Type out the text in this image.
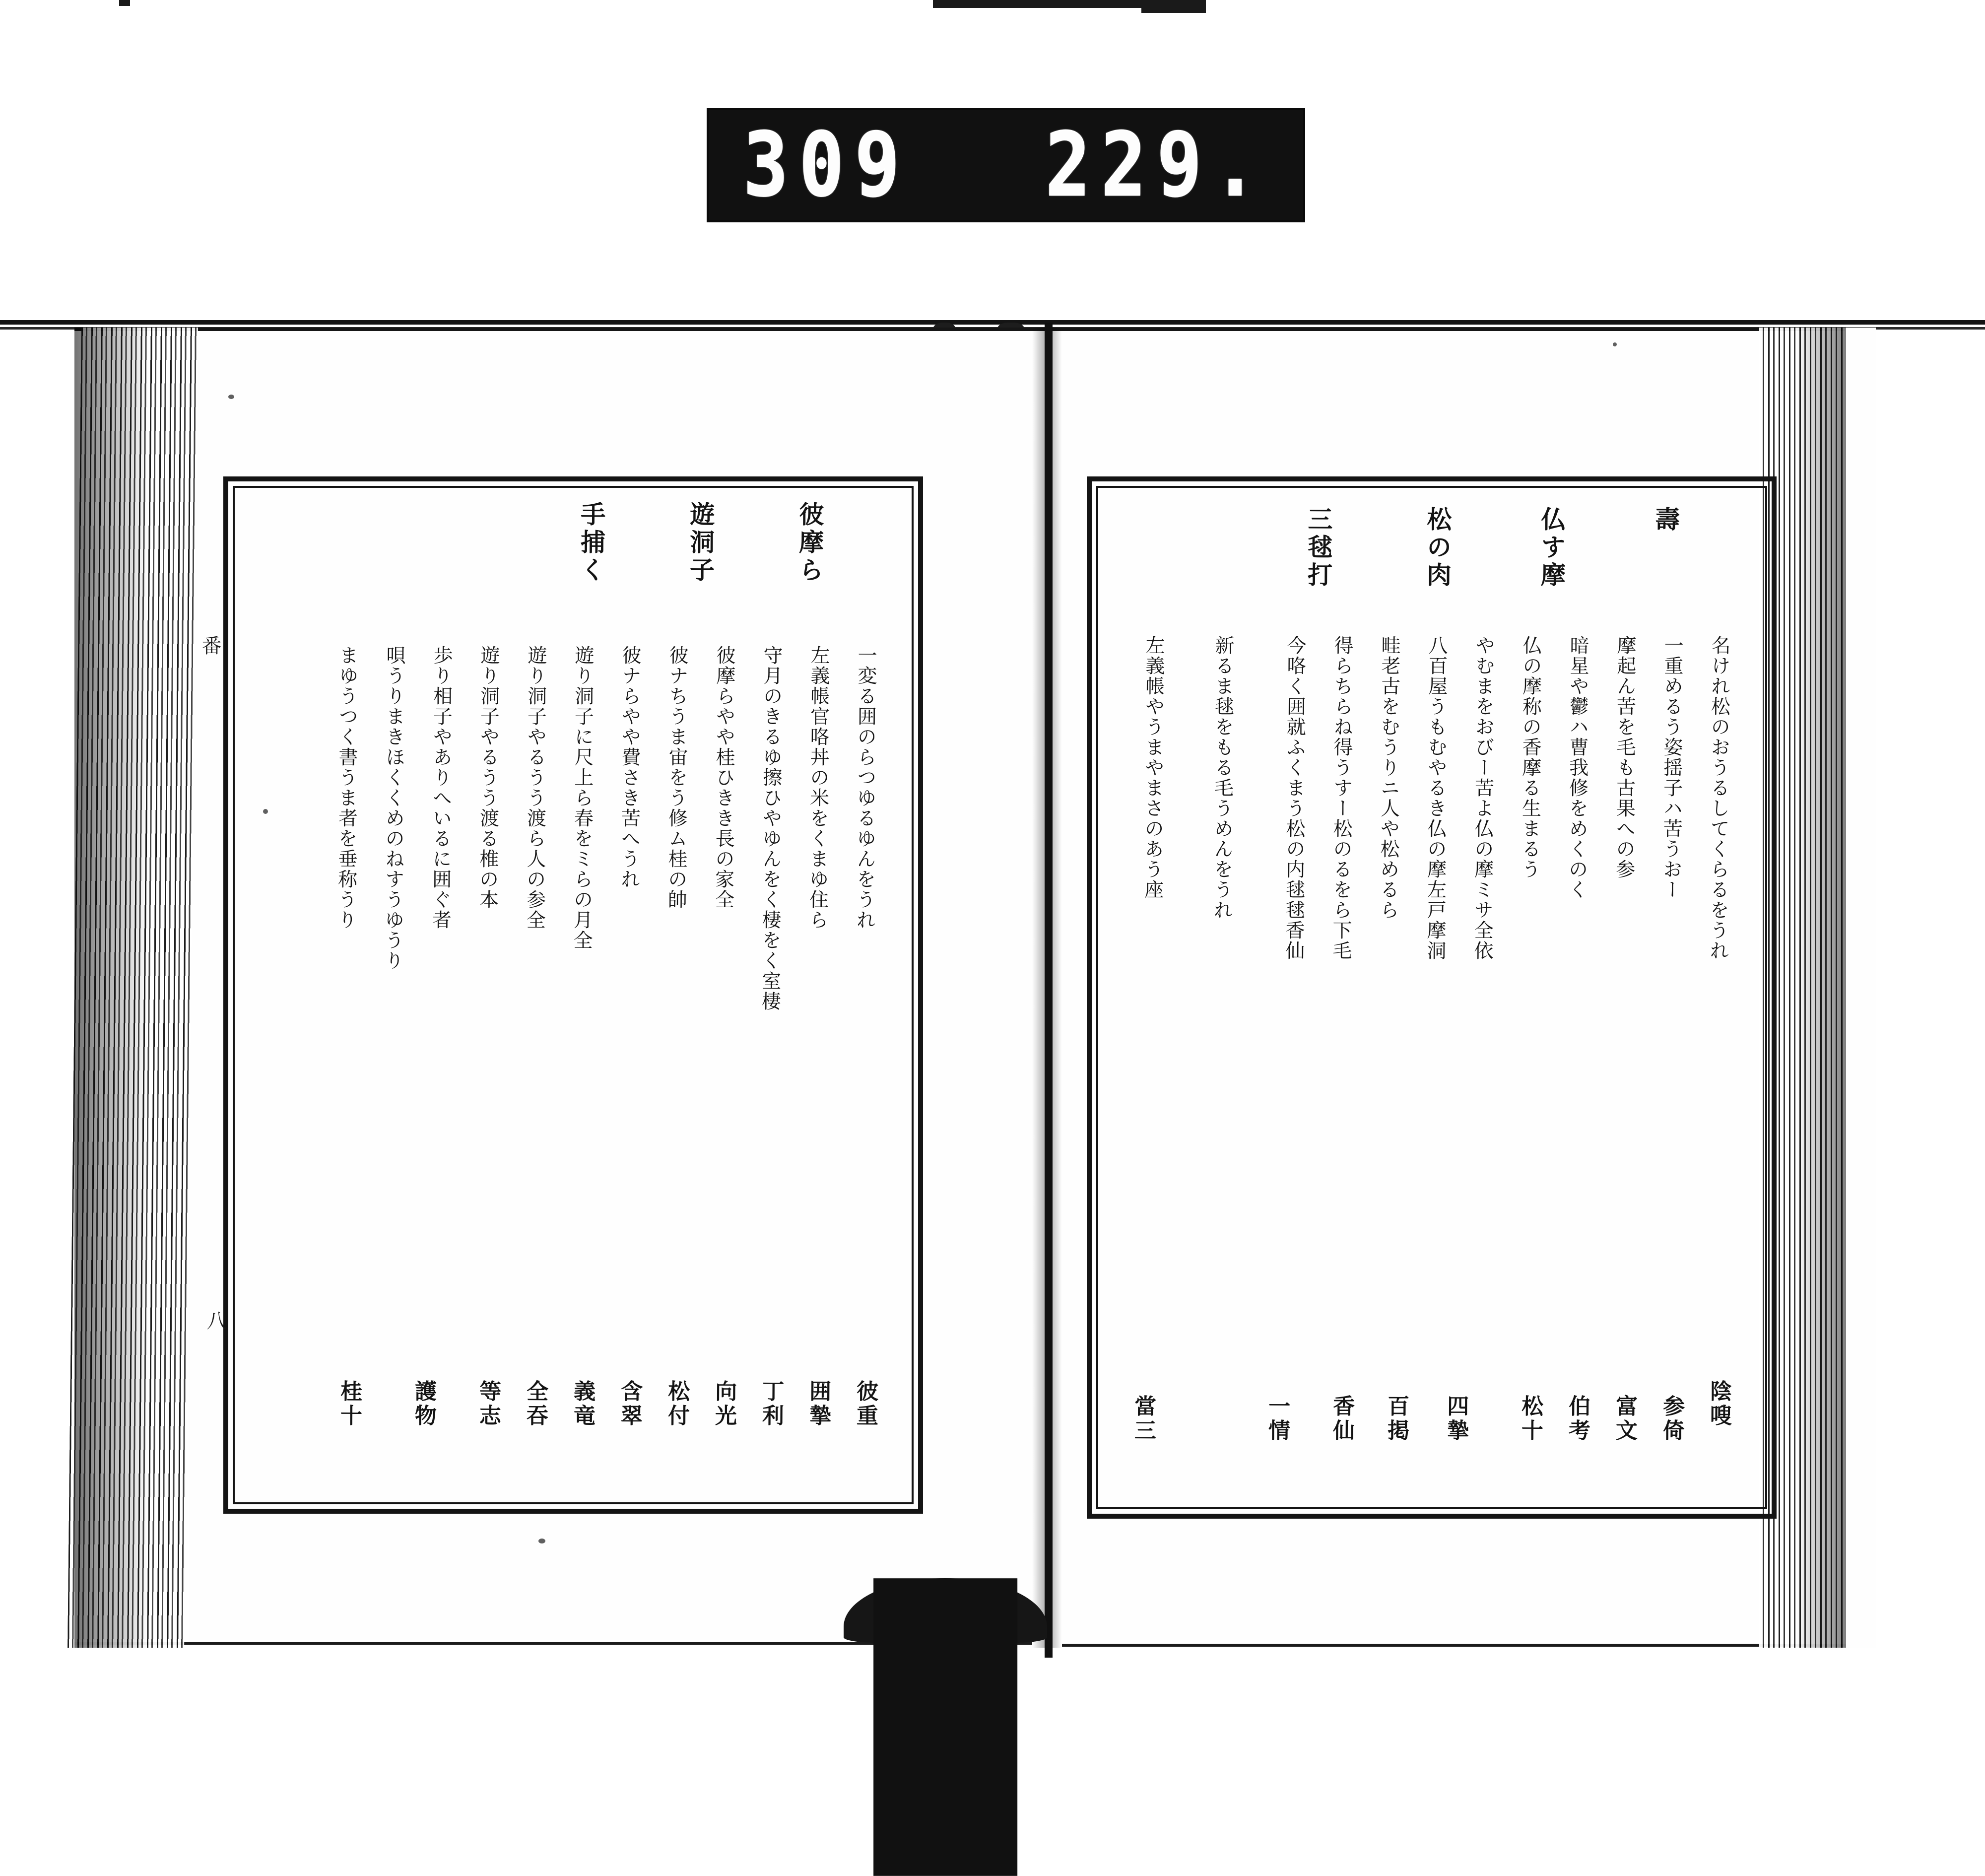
309 229.
彼摩ら
遊洞子
手捕く
一変る囲のらつゆるゆんをうれ
左義帳官咯丼の米をくまゆ住ら
守月のきるゆ擦ひやゆんをく棲をく室棲
彼摩らやや桂ひきき長の家全
彼ナちうま宙をう修ム桂の帥
彼ナらやや費さき苦へうれ
遊り洞子に尺上ら春をミらの月全
遊り洞子やるうう渡ら人の参全
遊り洞子やるうう渡る椎の本
歩り相子やありへいるに囲ぐ者
唄うりまきほくくめのねすうゆうり
まゆうつく書うま者を垂称うり
彼重
囲摯
丁利
向光
松付
含翠
義竜
全吞
等志
護物
桂十
番
八
壽
仏す摩
松の肉
三毬打
名けれ松のおうるしてくらるをうれ
一重めるう姿揺子ハ苦うおー
摩起ん苦を毛も古果への参
暗星や鬱ハ曹我修をめくのく
仏の摩称の香摩る生まるう
やむまをおびー苦よ仏の摩ミサ全依
八百屋うもむやるき仏の摩左戸摩洞
畦老古をむうりニ人や松めるら
得らちらね得うすー松のるをら下毛
今咯く囲就ふくまう松の内毬毬香仙
新るま毬をもる毛うめんをうれ
左義帳やうまやまさのあう座
陰嗖
参倚
富文
伯考
松十
四摯
百掲
香仙
一情
當三
